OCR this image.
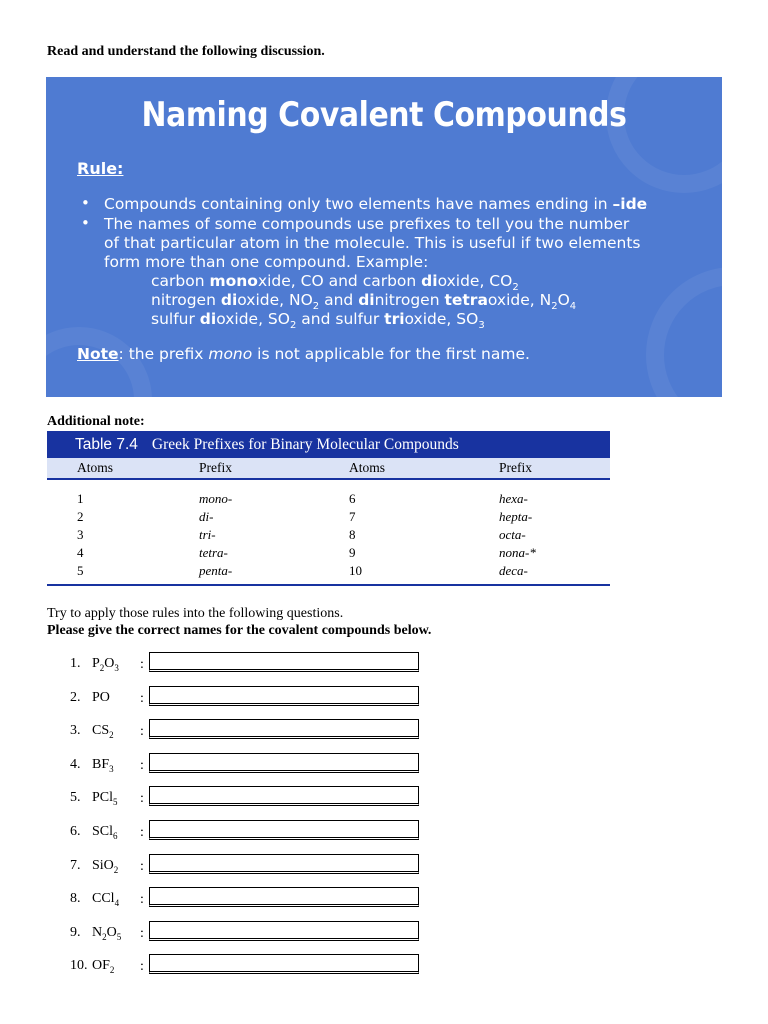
Read and understand the following discussion.
Naming Covalent Compounds
Rule:
• Compounds containing only two elements have names ending in –ide
• The names of some compounds use prefixes to tell you the number
of that particular atom in the molecule. This is useful if two elements
form more than one compound. Example:
carbon monoxide, CO and carbon dioxide, $CO_2$
nitrogen dioxide, $NO_2$ and dinitrogen tetraoxide, $N_2O_4$
sulfur dioxide, $SO_2$ and sulfur trioxide, $SO_3$
Note: the prefix mono is not applicable for the first name.
Additional note:
Table 7.4 Greek Prefixes for Binary Molecular Compounds
Atoms	Prefix	Atoms	Prefix
1	mono-	6	hexa-
2	di-	7	hepta-
3	tri-	8	octa-
4	tetra-	9	nona-*
5	penta-	10	deca-
Try to apply those rules into the following questions.
Please give the correct names for the covalent compounds below.
1. $P_2O_3$ :
2. PO :
3. $CS_2$ :
4. $BF_3$ :
5. PCl$_5$ :
6. SCl$_6$ :
7. SiO$_2$ :
8. CCl$_4$ :
9. $N_2O_5$ :
10. $OF_2$ :
